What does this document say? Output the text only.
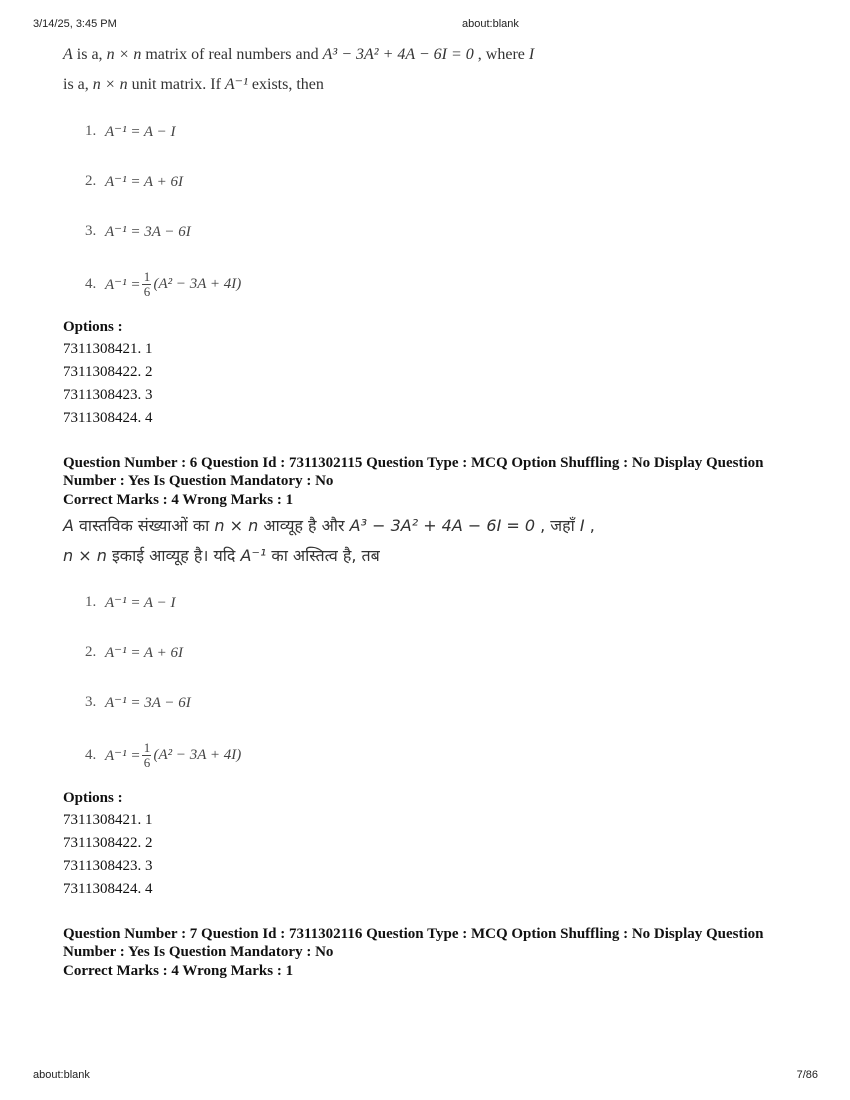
3/14/25, 3:45 PM	about:blank
A is a, n × n matrix of real numbers and A³ − 3A² + 4A − 6I = 0 , where I
is a, n × n unit matrix. If A⁻¹ exists, then
1. A⁻¹ = A − I
2. A⁻¹ = A + 6I
3. A⁻¹ = 3A − 6I
4. $A^{-1} = \frac{1}{6} (A^2 - 3A + 4I)$
Options :
7311308421. 1
7311308422. 2
7311308423. 3
7311308424. 4
Question Number : 6 Question Id : 7311302115 Question Type : MCQ Option Shuffling : No Display Question
Number : Yes Is Question Mandatory : No
Correct Marks : 4 Wrong Marks : 1
A वास्तविक संख्याओं का n × n आव्यूह है और A³ − 3A² + 4A − 6I = 0 , जहाँ I ,
n × n इकाई आव्यूह है। यदि A⁻¹ का अस्तित्व है, तब
1. A⁻¹ = A − I
2. A⁻¹ = A + 6I
3. A⁻¹ = 3A − 6I
4. $A^{-1} = \frac{1}{6} (A^2 - 3A + 4I)$
Options :
7311308421. 1
7311308422. 2
7311308423. 3
7311308424. 4
Question Number : 7 Question Id : 7311302116 Question Type : MCQ Option Shuffling : No Display Question
Number : Yes Is Question Mandatory : No
Correct Marks : 4 Wrong Marks : 1
about:blank	7/86
